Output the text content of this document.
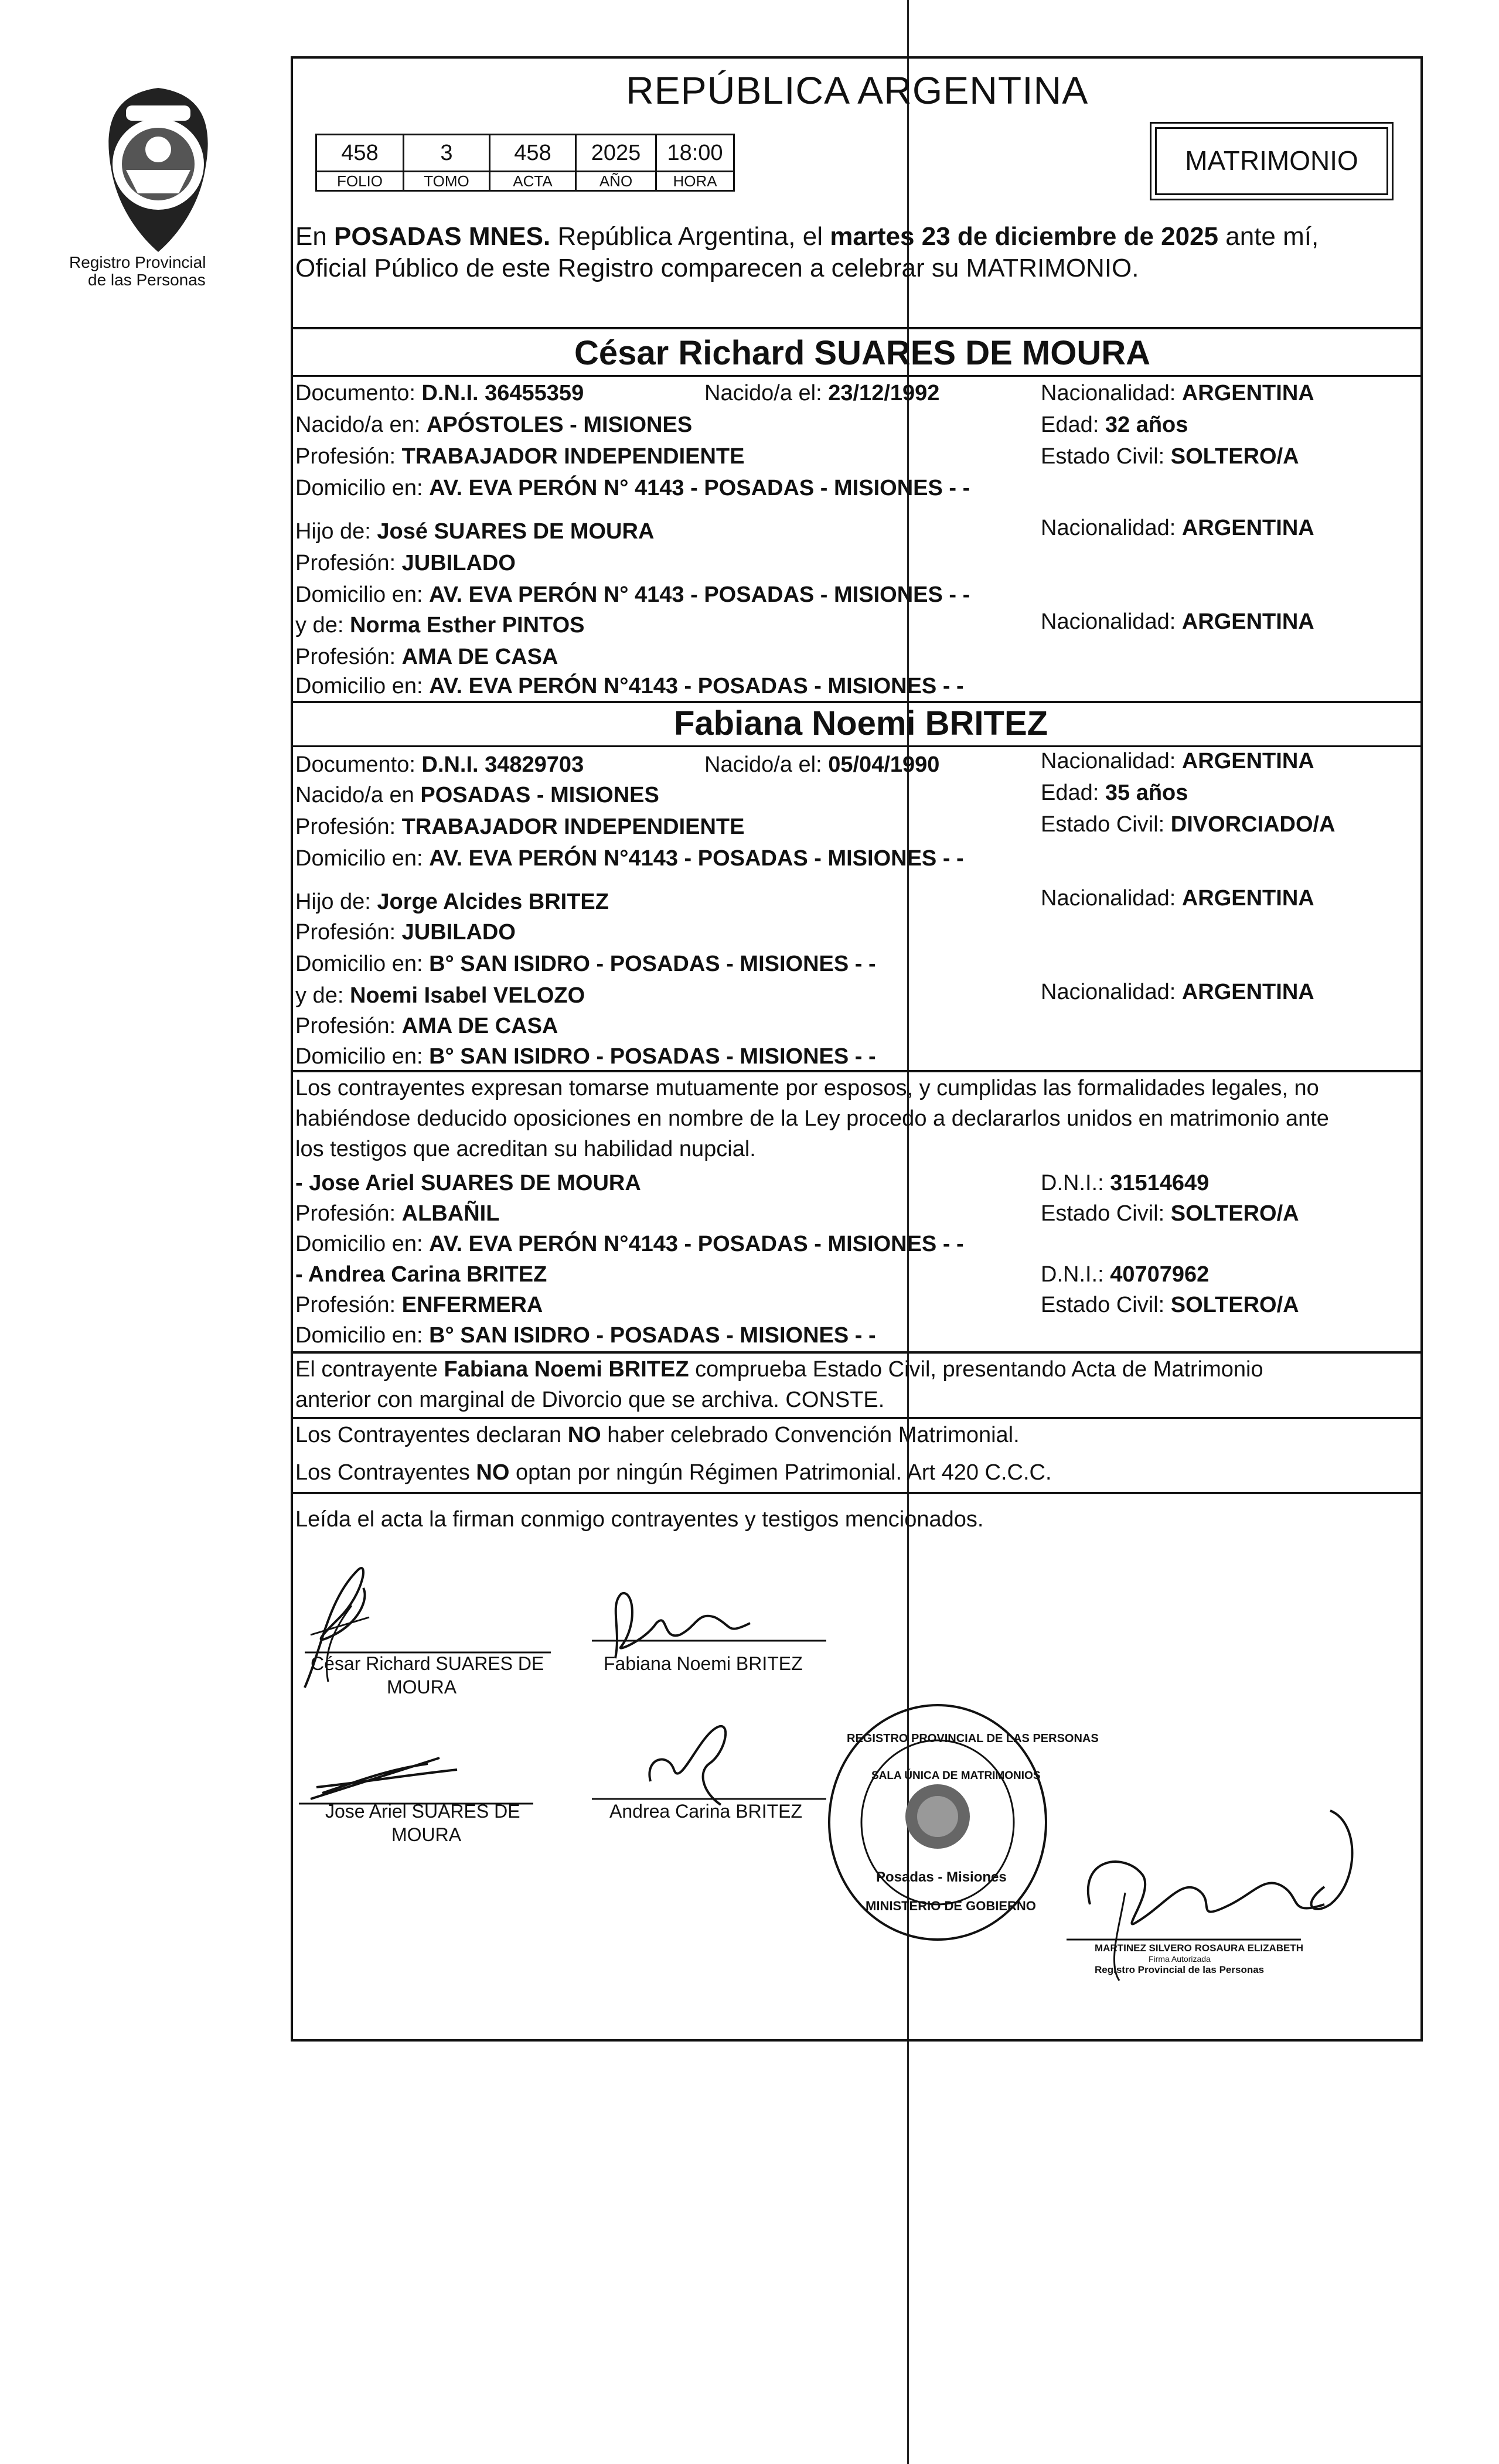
Registro Provincial
de las Personas
REPÚBLICA ARGENTINA
458	3	458	2025	18:00
FOLIO	TOMO	ACTA	AÑO	HORA
MATRIMONIO
En POSADAS MNES. República Argentina, el martes 23 de diciembre de 2025 ante mí,
Oficial Público de este Registro comparecen a celebrar su MATRIMONIO.
César Richard SUARES DE MOURA
Documento: D.N.I. 36455359	Nacido/a el: 23/12/1992	Nacionalidad: ARGENTINA
Nacido/a en: APÓSTOLES - MISIONES	Edad: 32 años
Profesión: TRABAJADOR INDEPENDIENTE	Estado Civil: SOLTERO/A
Domicilio en: AV. EVA PERÓN N° 4143 - POSADAS - MISIONES - -
Hijo de: José SUARES DE MOURA	Nacionalidad: ARGENTINA
Profesión: JUBILADO
Domicilio en: AV. EVA PERÓN N° 4143 - POSADAS - MISIONES - -
y de: Norma Esther PINTOS	Nacionalidad: ARGENTINA
Profesión: AMA DE CASA
Domicilio en: AV. EVA PERÓN N°4143 - POSADAS - MISIONES - -
Fabiana Noemi BRITEZ
Documento: D.N.I. 34829703	Nacido/a el: 05/04/1990	Nacionalidad: ARGENTINA
Nacido/a en POSADAS - MISIONES	Edad: 35 años
Profesión: TRABAJADOR INDEPENDIENTE	Estado Civil: DIVORCIADO/A
Domicilio en: AV. EVA PERÓN N°4143 - POSADAS - MISIONES - -
Hijo de: Jorge Alcides BRITEZ	Nacionalidad: ARGENTINA
Profesión: JUBILADO
Domicilio en: B° SAN ISIDRO - POSADAS - MISIONES - -
y de: Noemi Isabel VELOZO	Nacionalidad: ARGENTINA
Profesión: AMA DE CASA
Domicilio en: B° SAN ISIDRO - POSADAS - MISIONES - -
Los contrayentes expresan tomarse mutuamente por esposos, y cumplidas las formalidades legales, no
habiéndose deducido oposiciones en nombre de la Ley procedo a declararlos unidos en matrimonio ante
los testigos que acreditan su habilidad nupcial.
- Jose Ariel SUARES DE MOURA	D.N.I.: 31514649
Profesión: ALBAÑIL	Estado Civil: SOLTERO/A
Domicilio en: AV. EVA PERÓN N°4143 - POSADAS - MISIONES - -
- Andrea Carina BRITEZ	D.N.I.: 40707962
Profesión: ENFERMERA	Estado Civil: SOLTERO/A
Domicilio en: B° SAN ISIDRO - POSADAS - MISIONES - -
El contrayente Fabiana Noemi BRITEZ comprueba Estado Civil, presentando Acta de Matrimonio
anterior con marginal de Divorcio que se archiva. CONSTE.
Los Contrayentes declaran NO haber celebrado Convención Matrimonial.
Los Contrayentes NO optan por ningún Régimen Patrimonial. Art 420 C.C.C.
Leída el acta la firman conmigo contrayentes y testigos mencionados.
César Richard SUARES DE
MOURA
Fabiana Noemi BRITEZ
Jose Ariel SUARES DE
MOURA
Andrea Carina BRITEZ
REGISTRO PROVINCIAL DE LAS PERSONAS
SALA ÚNICA DE MATRIMONIOS
Posadas - Misiones
MINISTERIO DE GOBIERNO
MARTINEZ SILVERO ROSAURA ELIZABETH
Firma Autorizada
Registro Provincial de las Personas
